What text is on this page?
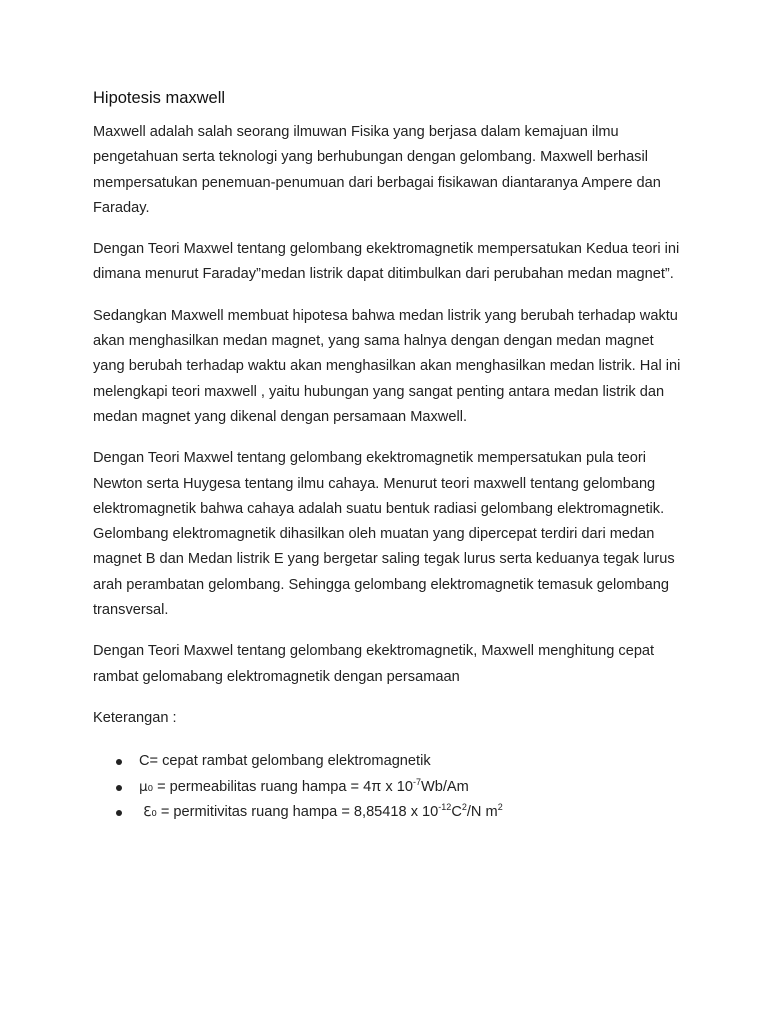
Hipotesis maxwell

Maxwell adalah salah seorang ilmuwan Fisika yang berjasa dalam kemajuan ilmu pengetahuan serta teknologi yang berhubungan dengan gelombang. Maxwell berhasil mempersatukan penemuan-penumuan dari berbagai fisikawan diantaranya Ampere dan Faraday.

Dengan Teori Maxwel tentang gelombang ekektromagnetik mempersatukan Kedua teori ini dimana menurut Faraday”medan listrik dapat ditimbulkan dari perubahan medan magnet”.

Sedangkan Maxwell membuat hipotesa bahwa medan listrik yang berubah terhadap waktu akan menghasilkan medan magnet, yang sama halnya dengan dengan medan magnet yang berubah terhadap waktu akan menghasilkan akan menghasilkan medan listrik. Hal ini melengkapi teori maxwell , yaitu hubungan yang sangat penting antara medan listrik dan medan magnet yang dikenal dengan persamaan Maxwell.

Dengan Teori Maxwel tentang gelombang ekektromagnetik mempersatukan pula teori Newton serta Huygesa tentang ilmu cahaya. Menurut teori maxwell tentang gelombang elektromagnetik bahwa cahaya adalah suatu bentuk radiasi gelombang elektromagnetik. Gelombang elektromagnetik dihasilkan oleh muatan yang dipercepat terdiri dari medan magnet B dan Medan listrik E yang bergetar saling tegak lurus serta keduanya tegak lurus arah perambatan gelombang. Sehingga gelombang elektromagnetik temasuk gelombang transversal.

Dengan Teori Maxwel tentang gelombang ekektromagnetik, Maxwell menghitung cepat rambat gelomabang elektromagnetik dengan persamaan

Keterangan :

C= cepat rambat gelombang elektromagnetik
μ₀ = permeabilitas ruang hampa = 4π x $10^{-7}Wb/Am$
ℇ₀ = permitivitas ruang hampa = 8,85418 x $10^{-12}C^2/N$ $m^2$
